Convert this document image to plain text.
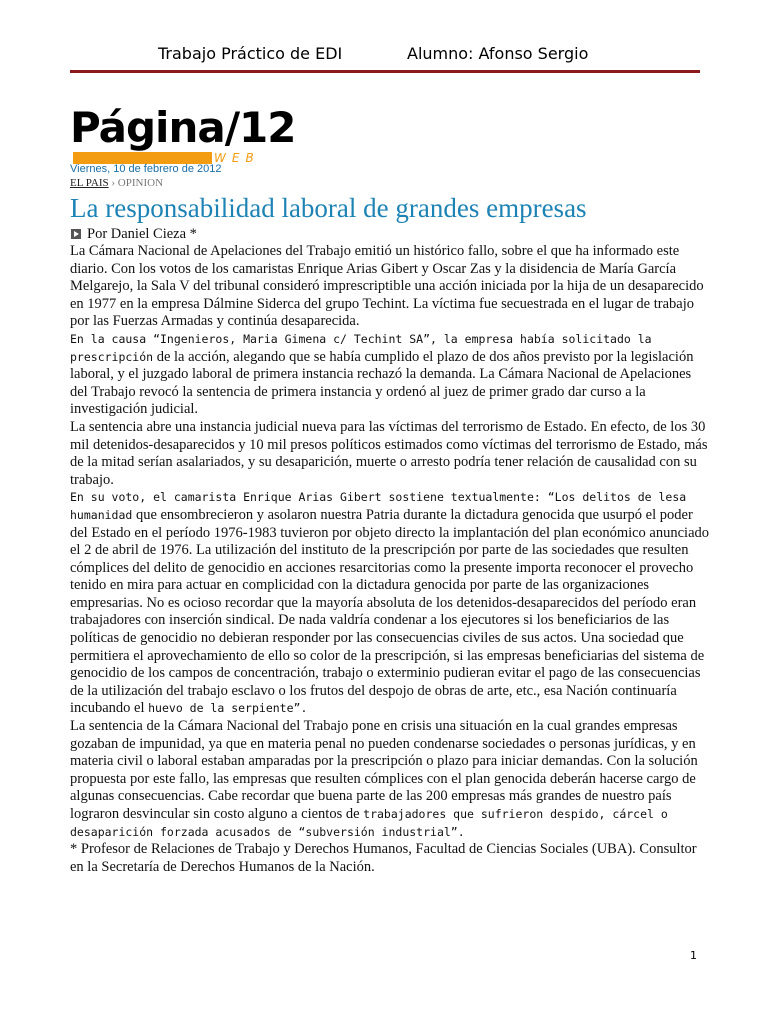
Trabajo Práctico de EDI	Alumno: Afonso Sergio
Página/12
WEB
Viernes, 10 de febrero de 2012
EL PAIS › OPINION
La responsabilidad laboral de grandes empresas
Por Daniel Cieza *

La Cámara Nacional de Apelaciones del Trabajo emitió un histórico fallo, sobre el que ha informado este diario. Con los votos de los camaristas Enrique Arias Gibert y Oscar Zas y la disidencia de María García Melgarejo, la Sala V del tribunal consideró imprescriptible una acción iniciada por la hija de un desaparecido en 1977 en la empresa Dálmine Siderca del grupo Techint. La víctima fue secuestrada en el lugar de trabajo por las Fuerzas Armadas y continúa desaparecida.

En la causa “Ingenieros, Maria Gimena c/ Techint SA”, la empresa había solicitado la prescripción de la acción, alegando que se había cumplido el plazo de dos años previsto por la legislación laboral, y el juzgado laboral de primera instancia rechazó la demanda. La Cámara Nacional de Apelaciones del Trabajo revocó la sentencia de primera instancia y ordenó al juez de primer grado dar curso a la investigación judicial.

La sentencia abre una instancia judicial nueva para las víctimas del terrorismo de Estado. En efecto, de los 30 mil detenidos-desaparecidos y 10 mil presos políticos estimados como víctimas del terrorismo de Estado, más de la mitad serían asalariados, y su desaparición, muerte o arresto podría tener relación de causalidad con su trabajo.

En su voto, el camarista Enrique Arias Gibert sostiene textualmente: “Los delitos de lesa humanidad que ensombrecieron y asolaron nuestra Patria durante la dictadura genocida que usurpó el poder del Estado en el período 1976-1983 tuvieron por objeto directo la implantación del plan económico anunciado el 2 de abril de 1976. La utilización del instituto de la prescripción por parte de las sociedades que resulten cómplices del delito de genocidio en acciones resarcitorias como la presente importa reconocer el provecho tenido en mira para actuar en complicidad con la dictadura genocida por parte de las organizaciones empresarias. No es ocioso recordar que la mayoría absoluta de los detenidos-desaparecidos del período eran trabajadores con inserción sindical. De nada valdría condenar a los ejecutores si los beneficiarios de las políticas de genocidio no debieran responder por las consecuencias civiles de sus actos. Una sociedad que permitiera el aprovechamiento de ello so color de la prescripción, si las empresas beneficiarias del sistema de genocidio de los campos de concentración, trabajo o exterminio pudieran evitar el pago de las consecuencias de la utilización del trabajo esclavo o los frutos del despojo de obras de arte, etc., esa Nación continuaría incubando el huevo de la serpiente”.

La sentencia de la Cámara Nacional del Trabajo pone en crisis una situación en la cual grandes empresas gozaban de impunidad, ya que en materia penal no pueden condenarse sociedades o personas jurídicas, y en materia civil o laboral estaban amparadas por la prescripción o plazo para iniciar demandas. Con la solución propuesta por este fallo, las empresas que resulten cómplices con el plan genocida deberán hacerse cargo de algunas consecuencias. Cabe recordar que buena parte de las 200 empresas más grandes de nuestro país lograron desvincular sin costo alguno a cientos de trabajadores que sufrieron despido, cárcel o desaparición forzada acusados de “subversión industrial”.

* Profesor de Relaciones de Trabajo y Derechos Humanos, Facultad de Ciencias Sociales (UBA). Consultor en la Secretaría de Derechos Humanos de la Nación.

1
